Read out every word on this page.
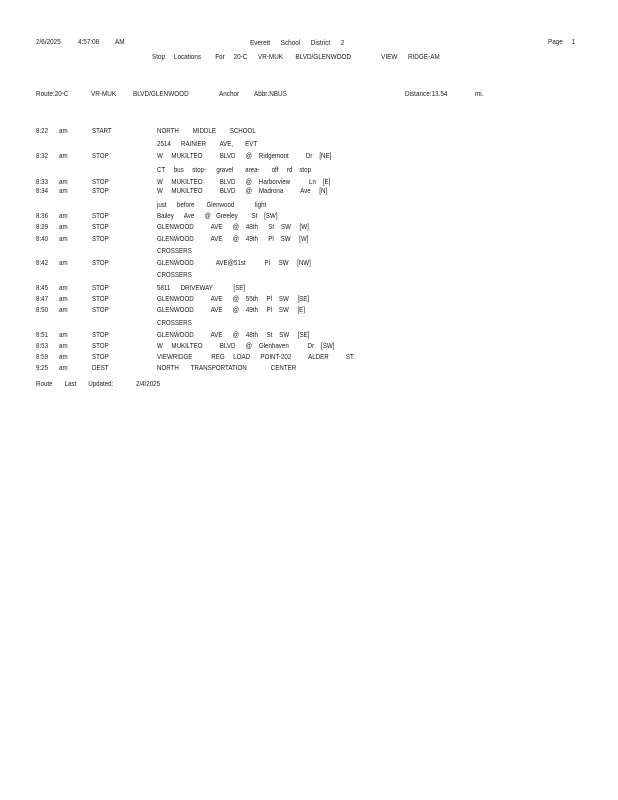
2/6/2025 4:57:08 AM	Everett      School      District      2	Page     1
Stop     Locations        For     20-C      VR-MUK       BLVD/GLENWOOD                 VIEW      RIDGE-AM
Route:20-C	VR-MUK BLVD/GLENWOOD	Anchor Abbr:NBUS	Distance:13.54	mi.
8:22 am	START	NORTH        MIDDLE        SCHOOL
2514      RAINIER        AVE,       EVT
8:32 am	STOP	W     MUKILTEO          BLVD      @    Ridgemont          Dr    [NE]
CT     bus     stop-      gravel       area-       off     rd    stop
8:33 am	STOP	W     MUKILTEO          BLVD      @    Harborview           Ln    [E]
8:34 am	STOP	W     MUKILTEO          BLVD      @    Madrona          Ave     [N]
just      before       Glenwood            light
8:36 am	STOP	Bailey      Ave      @   Greeley        St    [SW]
8:39 am	STOP	GLENWOOD          AVE      @    48th      St    SW     [W]
8:40 am	STOP	GLENWOOD          AVE      @    49th      Pl    SW     [W]
CROSSERS
8:42 am	STOP	GLENWOOD             AVE@51st           Pl     SW     [NW]
CROSSERS
8:45 am	STOP	5811      DRIVEWAY            [SE]
8:47 am	STOP	GLENWOOD          AVE      @    55th     Pl    SW     [SE]
8:50 am	STOP	GLENWOOD          AVE      @    49th     Pl    SW     [E]
CROSSERS
8:51 am	STOP	GLENWOOD          AVE      @    48th     St    SW     [SE]
8:53 am	STOP	W     MUKILTEO          BLVD      @    Glenhaven           Dr    [SW]
8:59 am	STOP	VIEWRIDGE           REG     LOAD      POINT-202          ALDER          ST.
9:25 am	DEST	NORTH       TRANSPORTATION              CENTER
Route       Last       Updated:	2/4/2025
